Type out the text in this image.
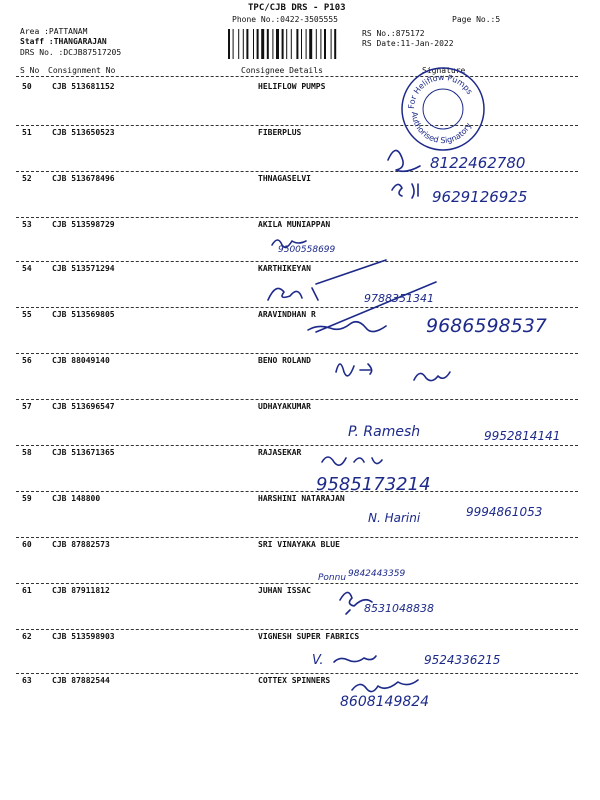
TPC/CJB DRS - P103
Phone No.:0422-3505555	Page No.:5
Area :PATTANAM
Staff :THANGARAJAN
DRS No. :DCJB87517205
RS No.:875172
RS Date:11-Jan-2022
S No Consignment No	Consignee Details	Signature
50	CJB 513681152	HELIFLOW PUMPS
51	CJB 513650523	FIBERPLUS
52	CJB 513678496	THNAGASELVI
53	CJB 513598729	AKILA MUNIAPPAN
54	CJB 513571294	KARTHIKEYAN
55	CJB 513569805	ARAVINDHAN R
56	CJB 88049140	BENO ROLAND
57	CJB 513696547	UDHAYAKUMAR
58	CJB 513671365	RAJASEKAR
59	CJB 148800	HARSHINI NATARAJAN
60	CJB 87882573	SRI VINAYAKA BLUE
61	CJB 87911812	JUHAN ISSAC
62	CJB 513598903	VIGNESH SUPER FABRICS
63	CJB 87882544	COTTEX SPINNERS
For Heliflow Pumps
Authorised Signatory
8122462780
9629126925
9500558699
9788351341
9686598537
P. Ramesh	9952814141
9585173214
N. Harini	9994861053
Ponnu 9842443359
8531048838
V.	9524336215
8608149824
